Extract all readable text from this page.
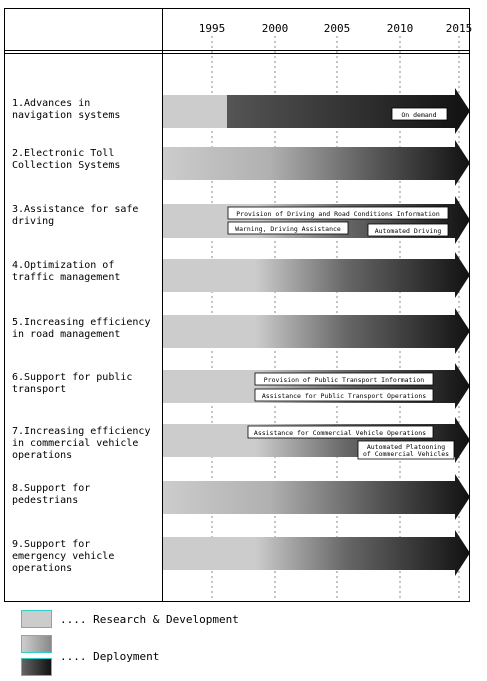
1995	2000	2005	2010	2015
1.Advances in
navigation systems	On demand
2.Electronic Toll
Collection Systems
3.Assistance for safe
driving
Provision of Driving and Road Conditions Information
Warning, Driving Assistance	Automated Driving
4.Optimization of
traffic management
5.Increasing efficiency
in road management
6.Support for public
transport
Provision of Public Transport Information
Assistance for Public Transport Operations
7.Increasing efficiency
in commercial vehicle
operations
Assistance for Commercial Vehicle Operations
Automated Platooning
of Commercial Vehicles
8.Support for
pedestrians
9.Support for
emergency vehicle
operations
.... Research & Development
.... Deployment
